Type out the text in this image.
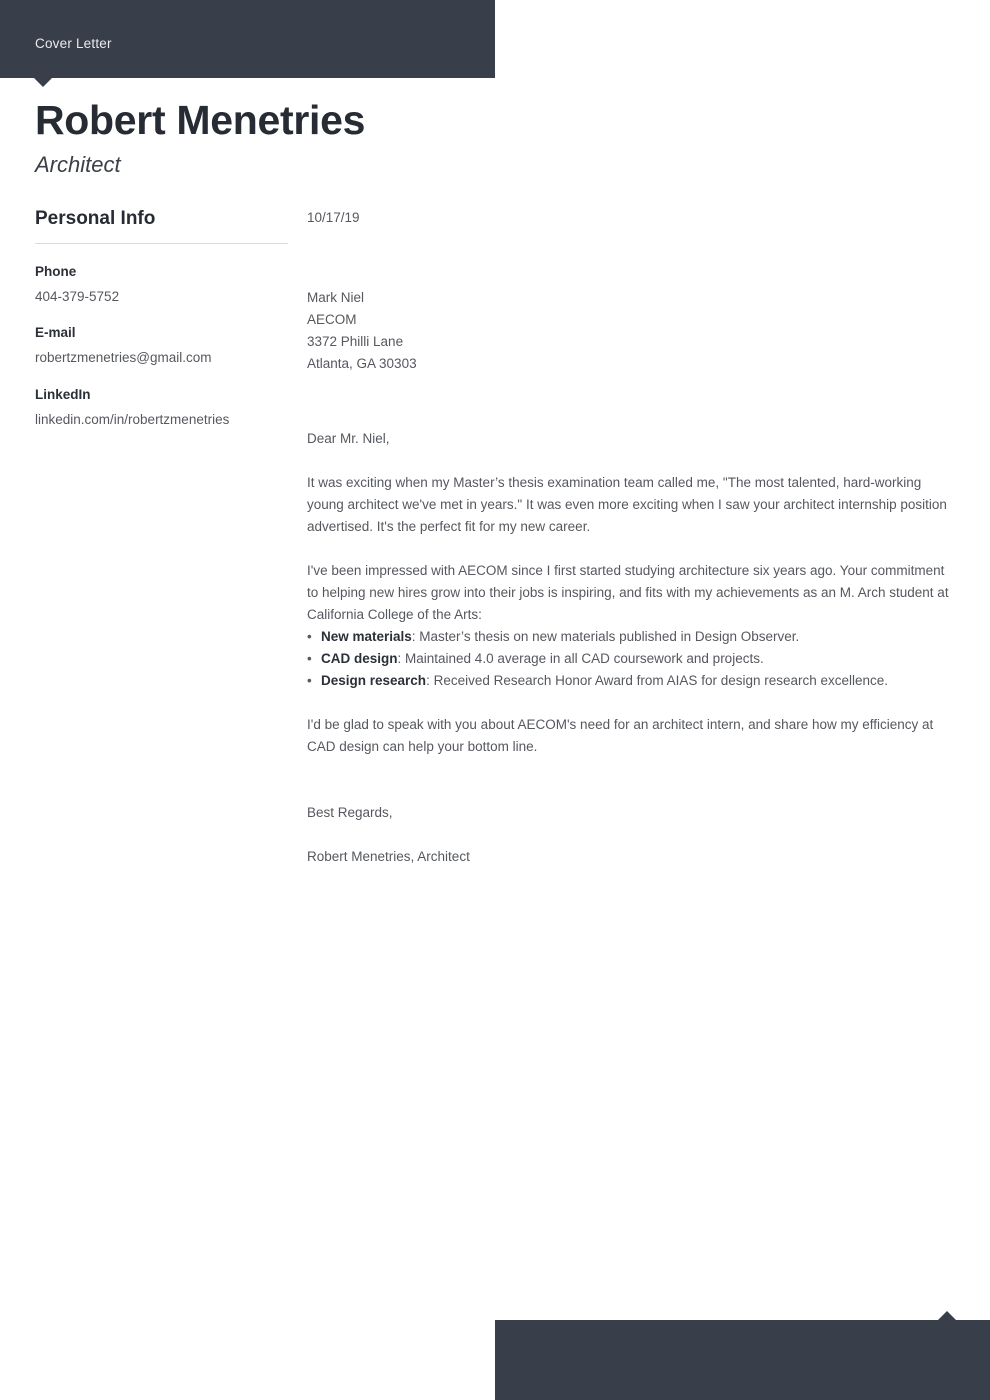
Cover Letter
Robert Menetries
Architect
Personal Info
Phone
404-379-5752
E-mail
robertzmenetries@gmail.com
LinkedIn
linkedin.com/in/robertzmenetries
10/17/19
Mark Niel
AECOM
3372 Philli Lane
Atlanta, GA 30303
Dear Mr. Niel,
It was exciting when my Master’s thesis examination team called me, "The most talented, hard-working young architect we've met in years." It was even more exciting when I saw your architect internship position advertised. It's the perfect fit for my new career.
I've been impressed with AECOM since I first started studying architecture six years ago. Your commitment to helping new hires grow into their jobs is inspiring, and fits with my achievements as an M. Arch student at California College of the Arts:
• New materials: Master’s thesis on new materials published in Design Observer.
• CAD design: Maintained 4.0 average in all CAD coursework and projects.
• Design research: Received Research Honor Award from AIAS for design research excellence.
I'd be glad to speak with you about AECOM's need for an architect intern, and share how my efficiency at CAD design can help your bottom line.
Best Regards,
Robert Menetries, Architect
